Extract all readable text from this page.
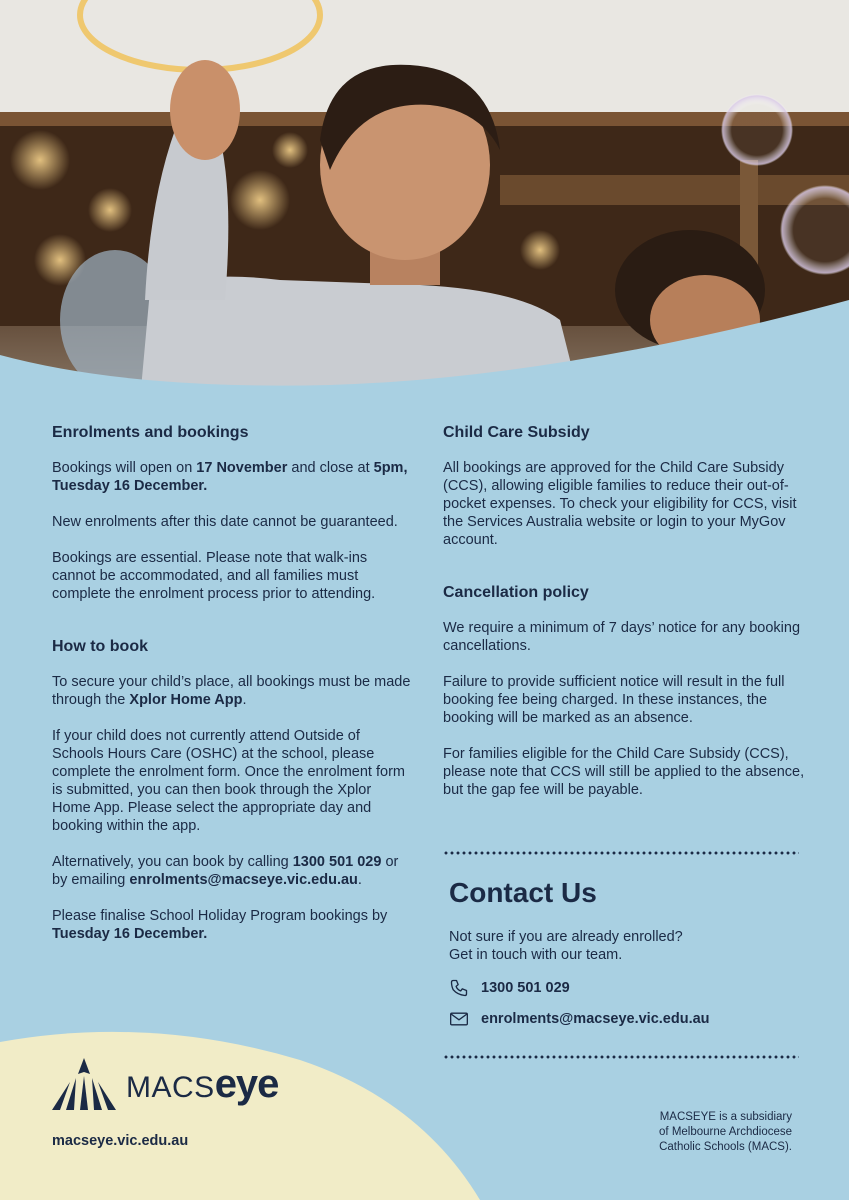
Enrolments and bookings

Bookings will open on 17 November and close at 5pm, Tuesday 16 December.

New enrolments after this date cannot be guaranteed.

Bookings are essential. Please note that walk-ins cannot be accommodated, and all families must complete the enrolment process prior to attending.

How to book

To secure your child’s place, all bookings must be made through the Xplor Home App.

If your child does not currently attend Outside of Schools Hours Care (OSHC) at the school, please complete the enrolment form. Once the enrolment form is submitted, you can then book through the Xplor Home App. Please select the appropriate day and booking within the app.

Alternatively, you can book by calling 1300 501 029 or by emailing enrolments@macseye.vic.edu.au.

Please finalise School Holiday Program bookings by Tuesday 16 December.

Child Care Subsidy

All bookings are approved for the Child Care Subsidy (CCS), allowing eligible families to reduce their out-of-pocket expenses. To check your eligibility for CCS, visit the Services Australia website or login to your MyGov account.

Cancellation policy

We require a minimum of 7 days’ notice for any booking cancellations.

Failure to provide sufficient notice will result in the full booking fee being charged. In these instances, the booking will be marked as an absence.

For families eligible for the Child Care Subsidy (CCS), please note that CCS will still be applied to the absence, but the gap fee will be payable.

Contact Us

Not sure if you are already enrolled?
Get in touch with our team.

1300 501 029
enrolments@macseye.vic.edu.au
MACSeye
macseye.vic.edu.au
MACSEYE is a subsidiary
of Melbourne Archdiocese
Catholic Schools (MACS).
